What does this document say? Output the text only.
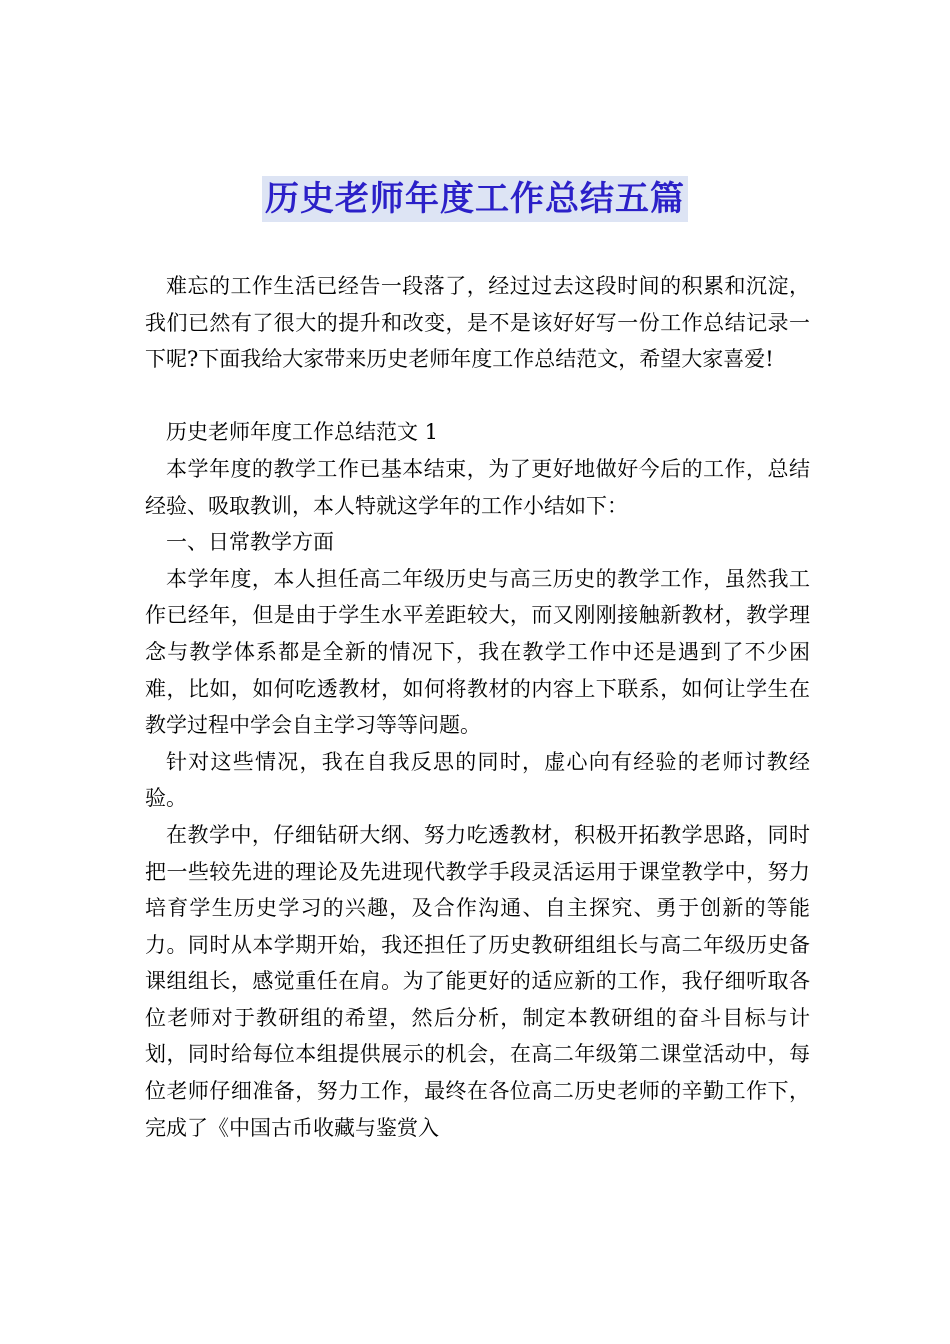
历史老师年度工作总结五篇

难忘的工作生活已经告一段落了，经过过去这段时间的积累和沉淀，我们已然有了很大的提升和改变，是不是该好好写一份工作总结记录一下呢?下面我给大家带来历史老师年度工作总结范文，希望大家喜爱!

历史老师年度工作总结范文 1

本学年度的教学工作已基本结束，为了更好地做好今后的工作，总结经验、吸取教训，本人特就这学年的工作小结如下：

一、日常教学方面

本学年度，本人担任高二年级历史与高三历史的教学工作，虽然我工作已经年，但是由于学生水平差距较大，而又刚刚接触新教材，教学理念与教学体系都是全新的情况下，我在教学工作中还是遇到了不少困难，比如，如何吃透教材，如何将教材的内容上下联系，如何让学生在教学过程中学会自主学习等等问题。

针对这些情况，我在自我反思的同时，虚心向有经验的老师讨教经验。

在教学中，仔细钻研大纲、努力吃透教材，积极开拓教学思路，同时把一些较先进的理论及先进现代教学手段灵活运用于课堂教学中，努力培育学生历史学习的兴趣，及合作沟通、自主探究、勇于创新的等能力。同时从本学期开始，我还担任了历史教研组组长与高二年级历史备课组组长，感觉重任在肩。为了能更好的适应新的工作，我仔细听取各位老师对于教研组的希望，然后分析，制定本教研组的奋斗目标与计划，同时给每位本组提供展示的机会，在高二年级第二课堂活动中，每位老师仔细准备，努力工作，最终在各位高二历史老师的辛勤工作下，完成了《中国古币收藏与鉴赏入
